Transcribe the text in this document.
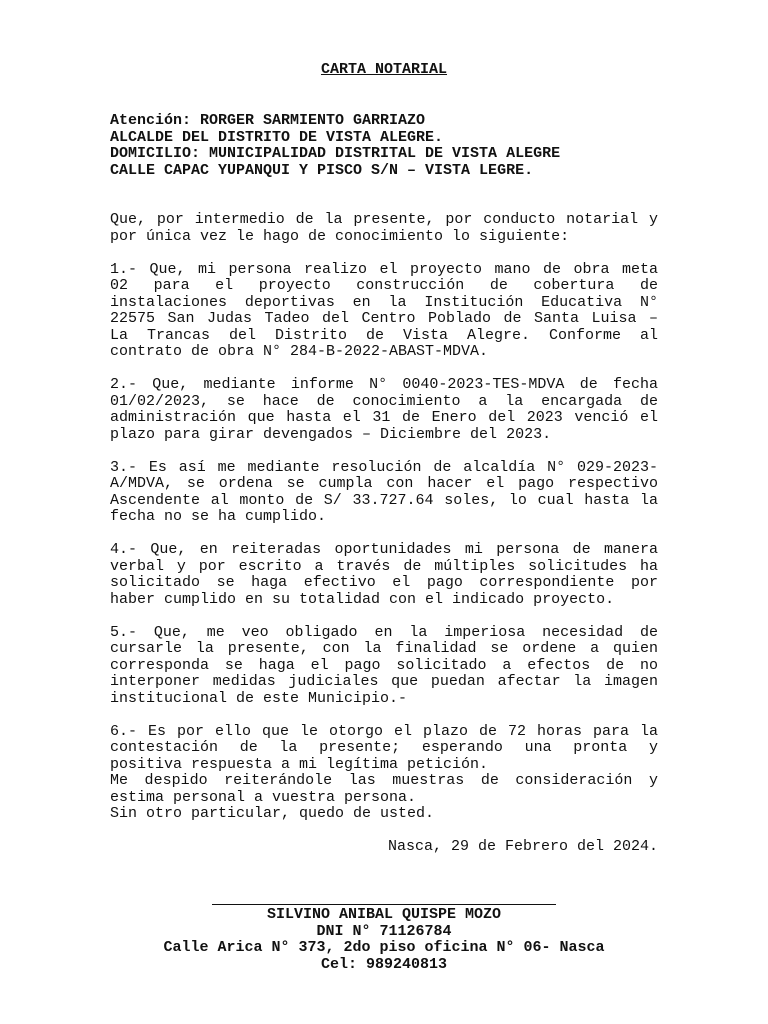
CARTA NOTARIAL
Atención: RORGER SARMIENTO GARRIAZO
ALCALDE DEL DISTRITO DE VISTA ALEGRE.
DOMICILIO: MUNICIPALIDAD DISTRITAL DE VISTA ALEGRE
CALLE CAPAC YUPANQUI Y PISCO S/N – VISTA LEGRE.
Que, por intermedio de la presente, por conducto notarial y
por única vez le hago de conocimiento lo siguiente:
1.- Que, mi persona realizo el proyecto mano de obra meta
02 para el proyecto construcción de cobertura de
instalaciones deportivas en la Institución Educativa N°
22575 San Judas Tadeo del Centro Poblado de Santa Luisa –
La Trancas del Distrito de Vista Alegre. Conforme al
contrato de obra N° 284-B-2022-ABAST-MDVA.
2.- Que, mediante informe N° 0040-2023-TES-MDVA de fecha
01/02/2023, se hace de conocimiento a la encargada de
administración que hasta el 31 de Enero del 2023 venció el
plazo para girar devengados – Diciembre del 2023.
3.- Es así me mediante resolución de alcaldía N° 029-2023-
A/MDVA, se ordena se cumpla con hacer el pago respectivo
Ascendente al monto de S/ 33.727.64 soles, lo cual hasta la
fecha no se ha cumplido.
4.- Que, en reiteradas oportunidades mi persona de manera
verbal y por escrito a través de múltiples solicitudes ha
solicitado se haga efectivo el pago correspondiente por
haber cumplido en su totalidad con el indicado proyecto.
5.- Que, me veo obligado en la imperiosa necesidad de
cursarle la presente, con la finalidad se ordene a quien
corresponda se haga el pago solicitado a efectos de no
interponer medidas judiciales que puedan afectar la imagen
institucional de este Municipio.-
6.- Es por ello que le otorgo el plazo de 72 horas para la
contestación de la presente; esperando una pronta y
positiva respuesta a mi legítima petición.
Me despido reiterándole las muestras de consideración y
estima personal a vuestra persona.
Sin otro particular, quedo de usted.
Nasca, 29 de Febrero del 2024.
SILVINO ANIBAL QUISPE MOZO
DNI N° 71126784
Calle Arica N° 373, 2do piso oficina N° 06- Nasca
Cel: 989240813
